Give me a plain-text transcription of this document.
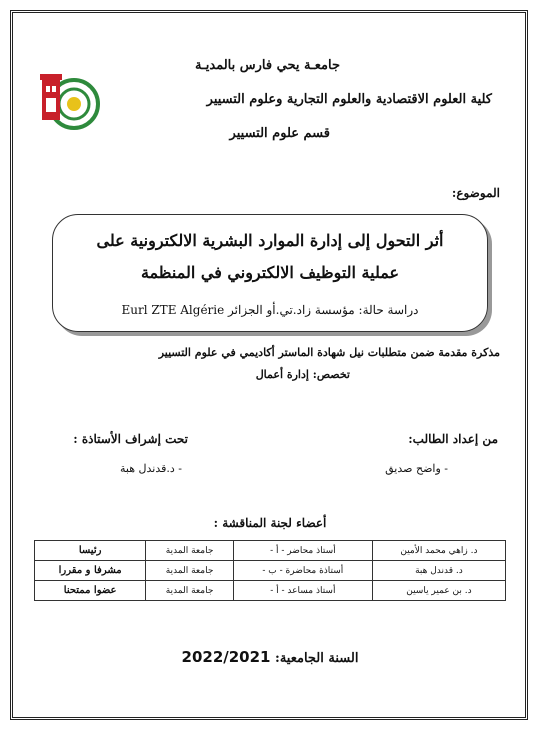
جامعـة يحي فارس بالمديـة
كلية العلوم الاقتصادية والعلوم التجارية وعلوم التسيير
قسم علوم التسيير
الموضوع:
أثر التحول إلى إدارة الموارد البشرية الالكترونية على
عملية التوظيف الالكتروني في المنظمة
دراسة حالة: مؤسسة زاد.تي.أو الجزائر Eurl ZTE Algérie
مذكرة مقدمة ضمن متطلبات نيل شهادة الماستر أكاديمي في علوم التسيير
تخصص: إدارة أعمال
من إعداد الطالب:
- واضح صديق
تحت إشراف الأستاذة :
- د.قدندل هبة
أعضاء لجنة المناقشة :
د. زاهي محمد الأمين	أستاذ محاضر - أ -	جامعة المدية	رئيسا
د. قدندل هبة	أستاذة محاضرة - ب -	جامعة المدية	مشرفا و مقررا
د. بن عمير ياسين	أستاذ مساعد - أ -	جامعة المدية	عضوا ممتحنا
السنة الجامعية: 2022/2021
